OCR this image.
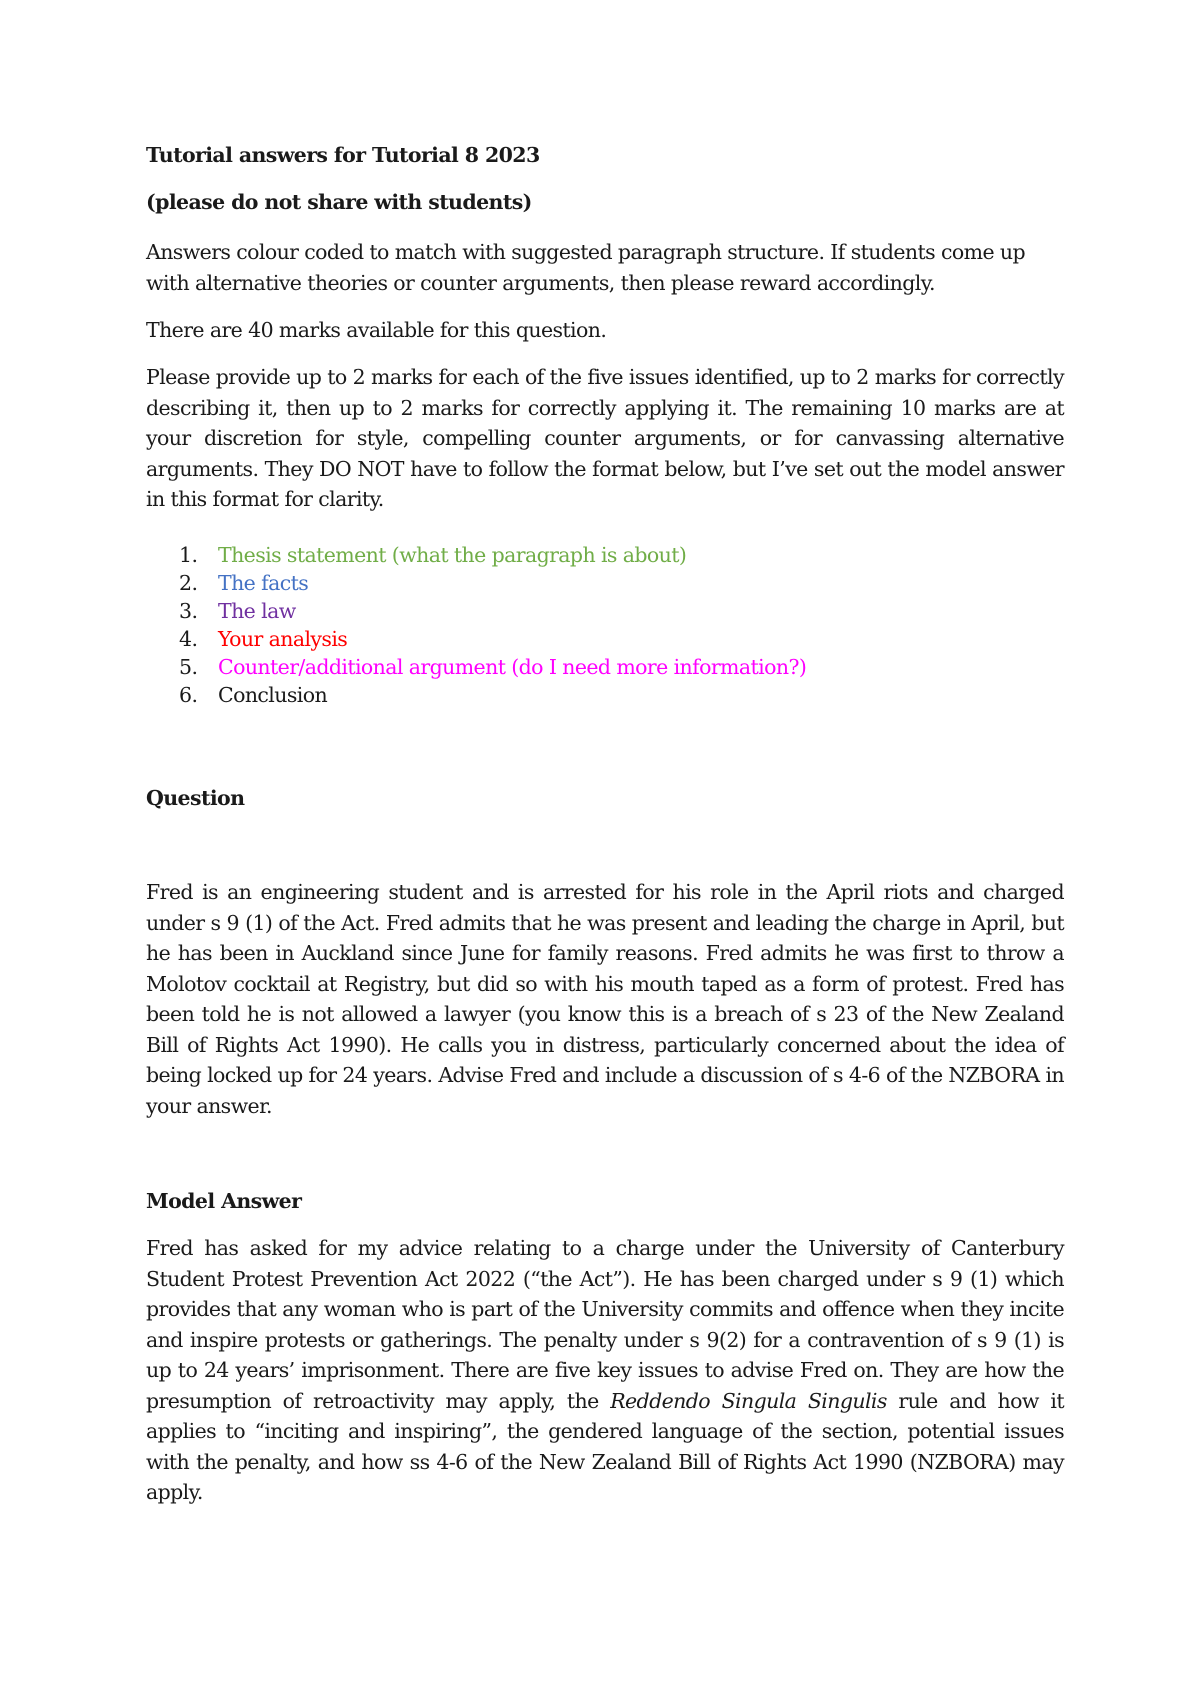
Tutorial answers for Tutorial 8 2023

(please do not share with students)

Answers colour coded to match with suggested paragraph structure. If students come up with alternative theories or counter arguments, then please reward accordingly.

There are 40 marks available for this question.

Please provide up to 2 marks for each of the five issues identified, up to 2 marks for correctly describing it, then up to 2 marks for correctly applying it. The remaining 10 marks are at your discretion for style, compelling counter arguments, or for canvassing alternative arguments. They DO NOT have to follow the format below, but I’ve set out the model answer in this format for clarity.

1. Thesis statement (what the paragraph is about)
2. The facts
3. The law
4. Your analysis
5. Counter/additional argument (do I need more information?)
6. Conclusion

Question

Fred is an engineering student and is arrested for his role in the April riots and charged under s 9 (1) of the Act. Fred admits that he was present and leading the charge in April, but he has been in Auckland since June for family reasons. Fred admits he was first to throw a Molotov cocktail at Registry, but did so with his mouth taped as a form of protest. Fred has been told he is not allowed a lawyer (you know this is a breach of s 23 of the New Zealand Bill of Rights Act 1990). He calls you in distress, particularly concerned about the idea of being locked up for 24 years. Advise Fred and include a discussion of s 4-6 of the NZBORA in your answer.

Model Answer

Fred has asked for my advice relating to a charge under the University of Canterbury Student Protest Prevention Act 2022 (“the Act”). He has been charged under s 9 (1) which provides that any woman who is part of the University commits and offence when they incite and inspire protests or gatherings. The penalty under s 9(2) for a contravention of s 9 (1) is up to 24 years’ imprisonment. There are five key issues to advise Fred on. They are how the presumption of retroactivity may apply, the Reddendo Singula Singulis rule and how it applies to “inciting and inspiring”, the gendered language of the section, potential issues with the penalty, and how ss 4-6 of the New Zealand Bill of Rights Act 1990 (NZBORA) may apply.
